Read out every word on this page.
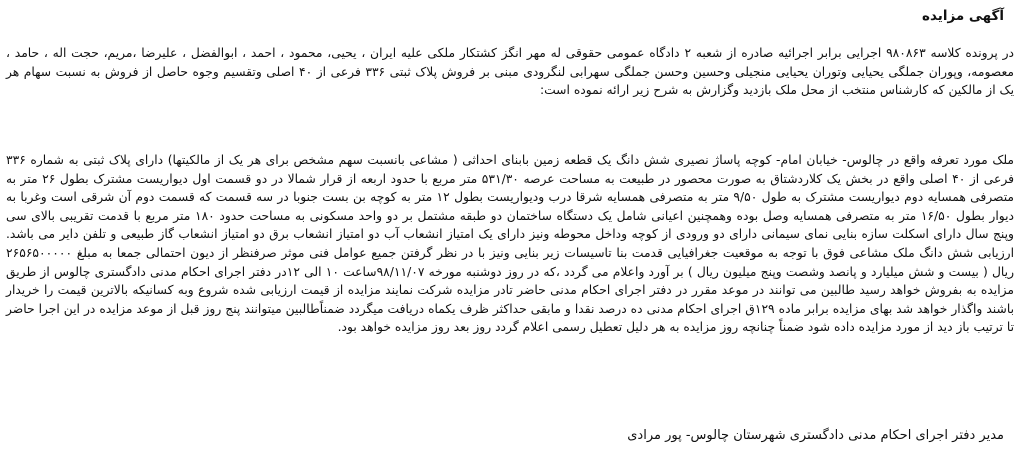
آگهی مزایده

در پرونده کلاسه ۹۸۰۸۶۳ اجرایی برابر اجرائیه صادره از شعبه ۲ دادگاه عمومی حقوقی له مهر انگز کشتکار ملکی علیه ایران ، یحیی، محمود ، احمد ، ابوالفضل ، علیرضا ،مریم، حجت اله ، حامد ، معصومه، وپوران جملگی یحیایی وتوران یحیایی منجیلی وحسین وحسن جملگی سهرابی لنگرودی مبنی بر فروش پلاک ثبتی ۳۳۶ فرعی از ۴۰ اصلی وتقسیم وجوه حاصل از فروش به نسبت سهام هر یک از مالکین که کارشناس منتخب از محل ملک بازدید وگزارش به شرح زیر ارائه نموده است:

ملک مورد تعرفه واقع در چالوس- خیابان امام- کوچه پاساژ نصیری شش دانگ یک قطعه زمین بابنای احداثی ( مشاعی بانسبت سهم مشخص برای هر یک از مالکیتها) دارای پلاک ثبتی به شماره ۳۳۶ فرعی از ۴۰ اصلی واقع در بخش یک کلاردشتاق به صورت محصور در طبیعت به مساحت عرصه ۵۳۱/۳۰ متر مربع با حدود اربعه از قرار شمالا در دو قسمت اول دیواریست مشترک بطول ۲۶ متر به متصرفی همسایه دوم دیواریست مشترک به طول ۹/۵۰ متر به متصرفی همسایه شرقا درب ودیواریست بطول ۱۲ متر به کوچه بن بست جنوبا در سه قسمت که قسمت دوم آن شرقی است وغربا به دیوار بطول ۱۶/۵۰ متر به متصرفی همسایه وصل بوده وهمچنین اعیانی شامل یک دستگاه ساختمان دو طبقه مشتمل بر دو واحد مسکونی به مساحت حدود ۱۸۰ متر مربع با قدمت تقریبی بالای سی وپنج سال دارای اسکلت سازه بنایی نمای سیمانی دارای دو ورودی از کوچه وداخل محوطه ونیز دارای یک امتیاز انشعاب آب دو امتیاز انشعاب برق دو امتیاز انشعاب گاز طبیعی و تلفن دایر می باشد. ارزیابی شش دانگ ملک مشاعی فوق با توجه به موقعیت جغرافیایی قدمت بنا تاسیسات زیر بنایی ونیز با در نظر گرفتن جمیع عوامل فنی موثر صرفنظر از دیون احتمالی جمعا به مبلغ ۲۶۵۶۵۰۰۰۰۰ ریال ( بیست و شش میلیارد و پانصد وشصت وپنج میلیون ریال ) بر آورد واعلام می گردد ،که در روز دوشنبه مورخه ۹۸/۱۱/۰۷ساعت ۱۰ الی ۱۲در دفتر اجرای احکام مدنی دادگستری چالوس از طریق مزایده به بفروش خواهد رسید طالبین می توانند در موعد مقرر در دفتر اجرای احکام مدنی حاضر تادر مزایده شرکت نمایند مزایده از قیمت ارزیابی شده شروع وبه کسانیکه بالاترین قیمت را خریدار باشند واگذار خواهد شد بهای مزایده برابر ماده ۱۲۹ق اجرای احکام مدنی ده درصد نقدا و مابقی حداکثر ظرف یکماه دریافت میگردد ضمناًطالبین میتوانند پنج روز قبل از موعد مزایده در این اجرا حاضر تا ترتیب باز دید از مورد مزایده داده شود ضمناً چنانچه روز مزایده به هر دلیل تعطیل رسمی اعلام گردد روز بعد روز مزایده خواهد بود.

مدیر دفتر اجرای احکام مدنی دادگستری شهرستان چالوس- پور مرادی
